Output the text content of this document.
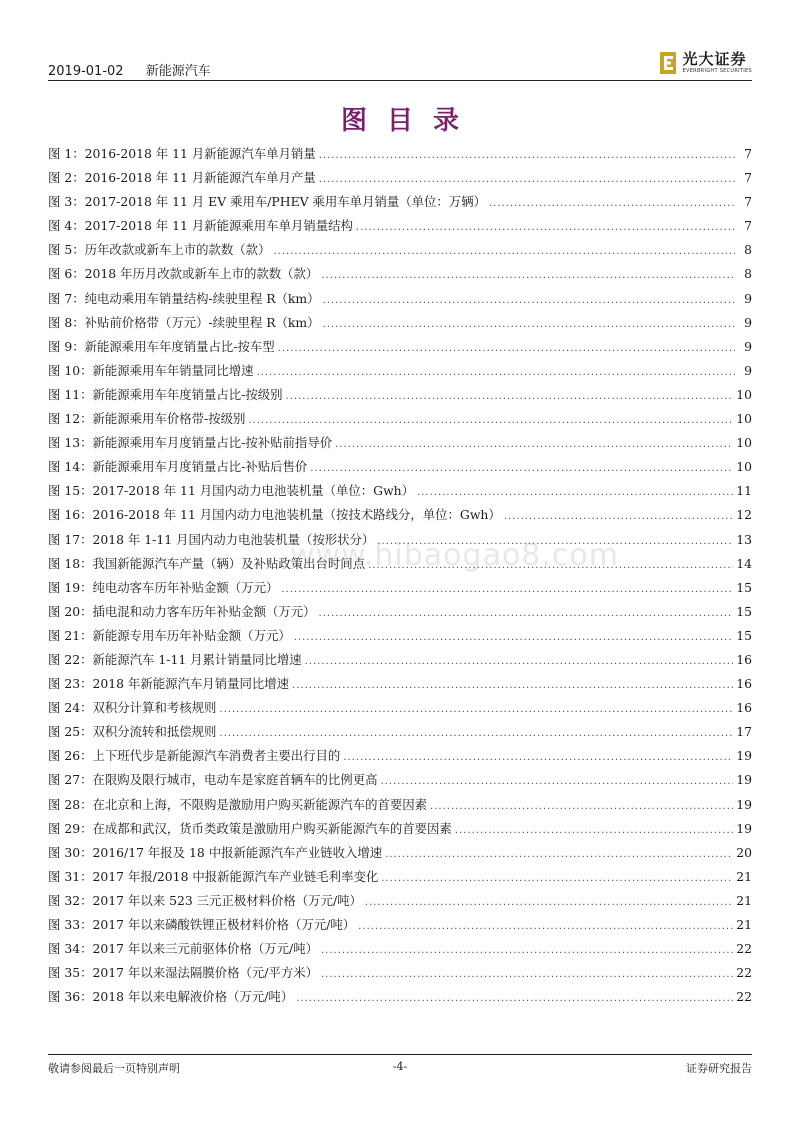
2019-01-02 新能源汽车
光大证券
EVERBRIGHT SECURITIES
图目录
图 1：2016-2018 年 11 月新能源汽车单月销量 .....	7
图 2：2016-2018 年 11 月新能源汽车单月产量 .....	7
图 3：2017-2018 年 11 月 EV 乘用车/PHEV 乘用车单月销量（单位：万辆） .....	7
图 4：2017-2018 年 11 月新能源乘用车单月销量结构 .....	7
图 5：历年改款或新车上市的款数（款） .....	8
图 6：2018 年历月改款或新车上市的款数（款） .....	8
图 7：纯电动乘用车销量结构-续驶里程 R（km） .....	9
图 8：补贴前价格带（万元）-续驶里程 R（km） .....	9
图 9：新能源乘用车年度销量占比-按车型 .....	9
图 10：新能源乘用车年销量同比增速 .....	9
图 11：新能源乘用车年度销量占比-按级别 .....	10
图 12：新能源乘用车价格带-按级别 .....	10
图 13：新能源乘用车月度销量占比-按补贴前指导价 .....	10
图 14：新能源乘用车月度销量占比-补贴后售价 .....	10
图 15：2017-2018 年 11 月国内动力电池装机量（单位：Gwh） .....	11
图 16：2016-2018 年 11 月国内动力电池装机量（按技术路线分，单位：Gwh） .....	12
图 17：2018 年 1-11 月国内动力电池装机量（按形状分） .....	13
图 18：我国新能源汽车产量（辆）及补贴政策出台时间点 .....	14
图 19：纯电动客车历年补贴金额（万元） .....	15
图 20：插电混和动力客车历年补贴金额（万元） .....	15
图 21：新能源专用车历年补贴金额（万元） .....	15
图 22：新能源汽车 1-11 月累计销量同比增速 .....	16
图 23：2018 年新能源汽车月销量同比增速 .....	16
图 24：双积分计算和考核规则 .....	16
图 25：双积分流转和抵偿规则 .....	17
图 26：上下班代步是新能源汽车消费者主要出行目的 .....	19
图 27：在限购及限行城市，电动车是家庭首辆车的比例更高 .....	19
图 28：在北京和上海，不限购是激励用户购买新能源汽车的首要因素 .....	19
图 29：在成都和武汉，货币类政策是激励用户购买新能源汽车的首要因素 .....	19
图 30：2016/17 年报及 18 中报新能源汽车产业链收入增速 .....	20
图 31：2017 年报/2018 中报新能源汽车产业链毛利率变化 .....	21
图 32：2017 年以来 523 三元正极材料价格（万元/吨） .....	21
图 33：2017 年以来磷酸铁锂正极材料价格（万元/吨） .....	21
图 34：2017 年以来三元前驱体价格（万元/吨） .....	22
图 35：2017 年以来湿法隔膜价格（元/平方米） .....	22
图 36：2018 年以来电解液价格（万元/吨） .....	22
www.hibaogao8.com
敬请参阅最后一页特别声明	-4-	证券研究报告
